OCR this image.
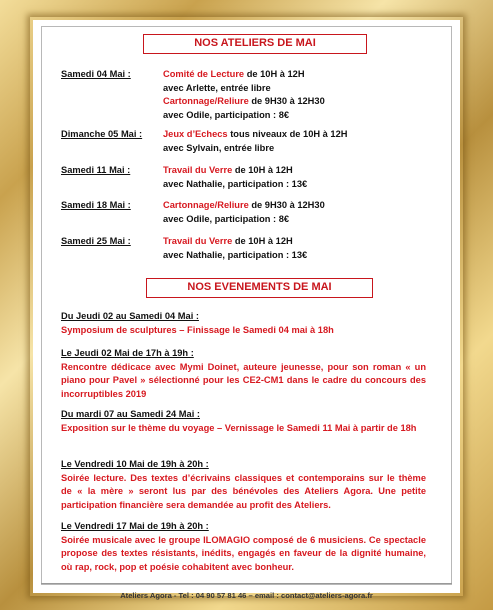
NOS ATELIERS DE MAI
Samedi 04 Mai :	Comité de Lecture de 10H à 12H
avec Arlette, entrée libre
Cartonnage/Reliure de 9H30 à 12H30
avec Odile, participation : 8€
Dimanche 05 Mai : Jeux d’Echecs tous niveaux de 10H à 12H
avec Sylvain, entrée libre
Samedi 11 Mai :	Travail du Verre de 10H à 12H
avec Nathalie, participation : 13€
Samedi 18 Mai :	Cartonnage/Reliure de 9H30 à 12H30
avec Odile, participation : 8€
Samedi 25 Mai :	Travail du Verre de 10H à 12H
avec Nathalie, participation : 13€
NOS EVENEMENTS DE MAI
Du Jeudi 02 au Samedi 04 Mai :
Symposium de sculptures – Finissage le Samedi 04 mai à 18h
Le Jeudi 02 Mai de 17h à 19h :
Rencontre dédicace avec Mymi Doinet, auteure jeunesse, pour son roman « un piano pour Pavel » sélectionné pour les CE2-CM1 dans le cadre du concours des incorruptibles 2019
Du mardi 07 au Samedi 24 Mai :
Exposition sur le thème du voyage – Vernissage le Samedi 11 Mai à partir de 18h
Le Vendredi 10 Mai de 19h à 20h :
Soirée lecture. Des textes d’écrivains classiques et contemporains sur le thème de « la mère » seront lus par des bénévoles des Ateliers Agora. Une petite participation financière sera demandée au profit des Ateliers.
Le Vendredi 17 Mai de 19h à 20h :
Soirée musicale avec le groupe ILOMAGIO composé de 6 musiciens. Ce spectacle propose des textes résistants, inédits, engagés en faveur de la dignité humaine, où rap, rock, pop et poésie cohabitent avec bonheur.
Ateliers Agora - Tel : 04 90 57 81 46 – email : contact@ateliers-agora.fr
